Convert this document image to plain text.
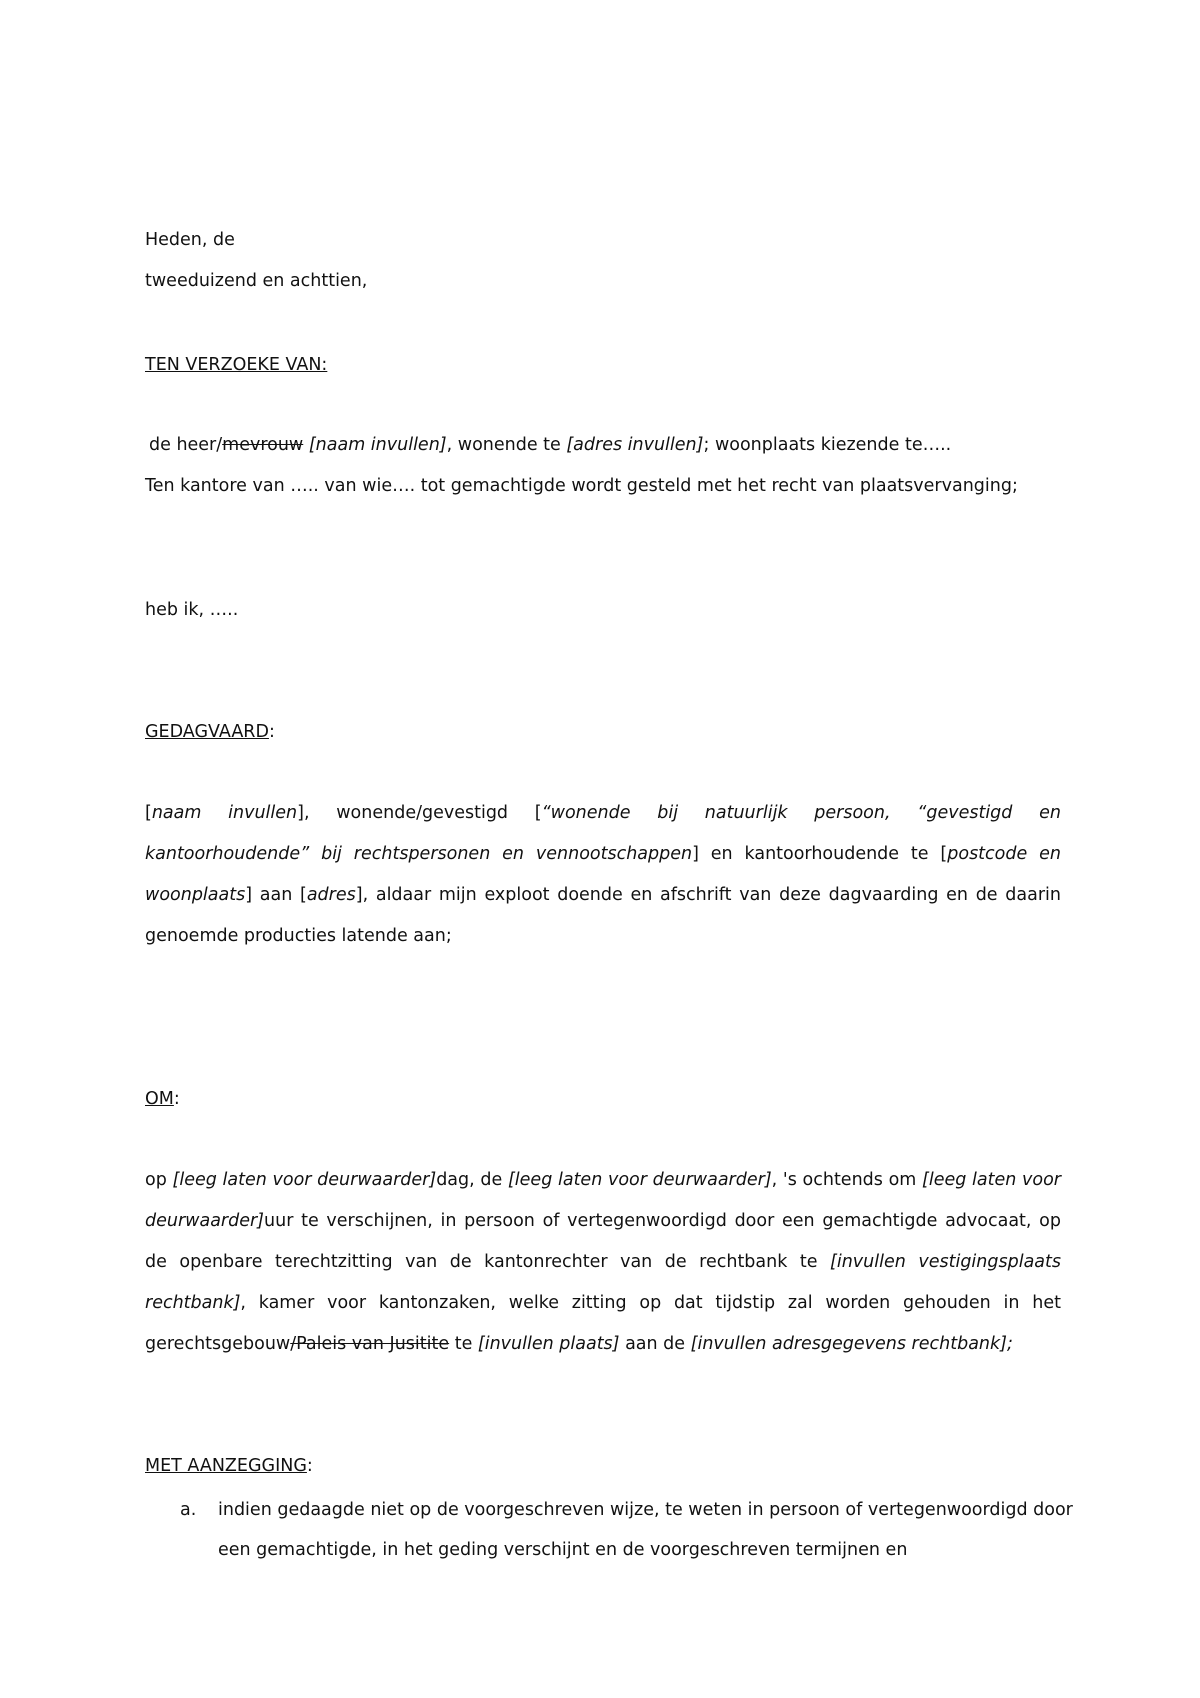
Heden, de

tweeduizend en achttien,

TEN VERZOEKE VAN:

de heer/mevrouw [naam invullen], wonende te [adres invullen]; woonplaats kiezende te…..

Ten kantore van ….. van wie…. tot gemachtigde wordt gesteld met het recht van plaatsvervanging;

heb ik, …..

GEDAGVAARD:

[naam invullen], wonende/gevestigd [“wonende bij natuurlijk persoon, “gevestigd en kantoorhoudende” bij rechtspersonen en vennootschappen] en kantoorhoudende te [postcode en woonplaats] aan [adres], aldaar mijn exploot doende en afschrift van deze dagvaarding en de daarin genoemde producties latende aan;

OM:

op [leeg laten voor deurwaarder]dag, de [leeg laten voor deurwaarder], 's ochtends om [leeg laten voor deurwaarder]uur te verschijnen, in persoon of vertegenwoordigd door een gemachtigde advocaat, op de openbare terechtzitting van de kantonrechter van de rechtbank te [invullen vestigingsplaats rechtbank], kamer voor kantonzaken, welke zitting op dat tijdstip zal worden gehouden in het gerechtsgebouw/Paleis van Jusitite te [invullen plaats] aan de [invullen adresgegevens rechtbank];

MET AANZEGGING:

a. indien gedaagde niet op de voorgeschreven wijze, te weten in persoon of vertegenwoordigd door een gemachtigde, in het geding verschijnt en de voorgeschreven termijnen en
